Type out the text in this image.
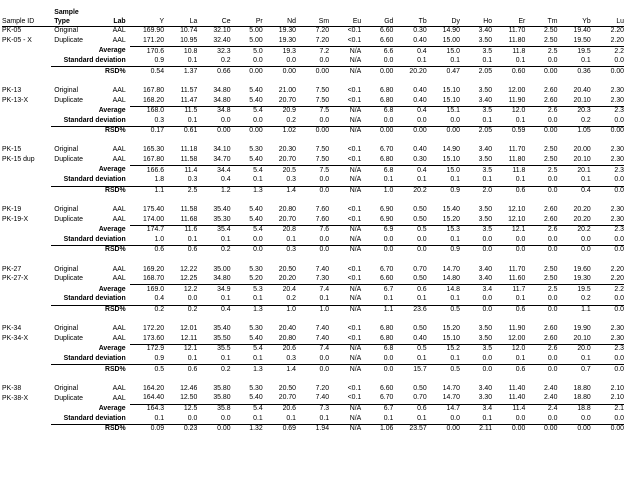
Sample ID	Sample
Type	Lab	Y	La	Ce	Pr	Nd	Sm	Eu	Gd	Tb	Dy	Ho	Er	Tm	Yb	Lu
PK-05	Original	AAL	169.90	10.74	32.10	5.00	19.30	7.20	<0.1	6.60	0.30	14.90	3.40	11.70	2.50	19.40	2.20
PK-05 - X	Duplicate	AAL	171.20	10.95	32.40	5.00	19.30	7.20	<0.1	6.60	0.40	15.00	3.50	11.80	2.50	19.50	2.20
	Average		170.6	10.8	32.3	5.0	19.3	7.2	N/A	6.6	0.4	15.0	3.5	11.8	2.5	19.5	2.2
	Standard deviation		0.9	0.1	0.2	0.0	0.0	0.0	N/A	0.0	0.1	0.1	0.1	0.1	0.0	0.1	0.0
	RSD%		0.54	1.37	0.66	0.00	0.00	0.00	N/A	0.00	20.20	0.47	2.05	0.60	0.00	0.36	0.00

PK-13	Original	AAL	167.80	11.57	34.80	5.40	21.00	7.50	<0.1	6.80	0.40	15.10	3.50	12.00	2.60	20.40	2.30
PK-13-X	Duplicate	AAL	168.20	11.47	34.80	5.40	20.70	7.50	<0.1	6.80	0.40	15.10	3.40	11.90	2.60	20.10	2.30
	Average		168.0	11.5	34.8	5.4	20.9	7.5	N/A	6.8	0.4	15.1	3.5	12.0	2.6	20.3	2.3
	Standard deviation		0.3	0.1	0.0	0.0	0.2	0.0	N/A	0.0	0.0	0.0	0.1	0.1	0.0	0.2	0.0
	RSD%		0.17	0.61	0.00	0.00	1.02	0.00	N/A	0.00	0.00	0.00	2.05	0.59	0.00	1.05	0.00

PK-15	Original	AAL	165.30	11.18	34.10	5.30	20.30	7.50	<0.1	6.70	0.40	14.90	3.40	11.70	2.50	20.00	2.30
PK-15 dup	Duplicate	AAL	167.80	11.58	34.70	5.40	20.70	7.50	<0.1	6.80	0.30	15.10	3.50	11.80	2.50	20.10	2.30
	Average		166.6	11.4	34.4	5.4	20.5	7.5	N/A	6.8	0.4	15.0	3.5	11.8	2.5	20.1	2.3
	Standard deviation		1.8	0.3	0.4	0.1	0.3	0.0	N/A	0.1	0.1	0.1	0.1	0.1	0.0	0.1	0.0
	RSD%		1.1	2.5	1.2	1.3	1.4	0.0	N/A	1.0	20.2	0.9	2.0	0.6	0.0	0.4	0.0

PK-19	Original	AAL	175.40	11.58	35.40	5.40	20.80	7.60	<0.1	6.90	0.50	15.40	3.50	12.10	2.60	20.20	2.30
PK-19-X	Duplicate	AAL	174.00	11.68	35.30	5.40	20.70	7.60	<0.1	6.90	0.50	15.20	3.50	12.10	2.60	20.20	2.30
	Average		174.7	11.6	35.4	5.4	20.8	7.6	N/A	6.9	0.5	15.3	3.5	12.1	2.6	20.2	2.3
	Standard deviation		1.0	0.1	0.1	0.0	0.1	0.0	N/A	0.0	0.0	0.1	0.0	0.0	0.0	0.0	0.0
	RSD%		0.6	0.6	0.2	0.0	0.3	0.0	N/A	0.0	0.0	0.9	0.0	0.0	0.0	0.0	0.0

PK-27	Original	AAL	169.20	12.22	35.00	5.30	20.50	7.40	<0.1	6.70	0.70	14.70	3.40	11.70	2.50	19.60	2.20
PK-27-X	Duplicate	AAL	168.70	12.25	34.80	5.20	20.20	7.30	<0.1	6.60	0.50	14.80	3.40	11.60	2.50	19.30	2.20
	Average		169.0	12.2	34.9	5.3	20.4	7.4	N/A	6.7	0.6	14.8	3.4	11.7	2.5	19.5	2.2
	Standard deviation		0.4	0.0	0.1	0.1	0.2	0.1	N/A	0.1	0.1	0.1	0.0	0.1	0.0	0.2	0.0
	RSD%		0.2	0.2	0.4	1.3	1.0	1.0	N/A	1.1	23.6	0.5	0.0	0.6	0.0	1.1	0.0

PK-34	Original	AAL	172.20	12.01	35.40	5.30	20.40	7.40	<0.1	6.80	0.50	15.20	3.50	11.90	2.60	19.90	2.30
PK-34-X	Duplicate	AAL	173.60	12.11	35.50	5.40	20.80	7.40	<0.1	6.80	0.40	15.10	3.50	12.00	2.60	20.10	2.30
	Average		172.9	12.1	35.5	5.4	20.6	7.4	N/A	6.8	0.5	15.2	3.5	12.0	2.6	20.0	2.3
	Standard deviation		0.9	0.1	0.1	0.1	0.3	0.0	N/A	0.0	0.1	0.1	0.0	0.1	0.0	0.1	0.0
	RSD%		0.5	0.6	0.2	1.3	1.4	0.0	N/A	0.0	15.7	0.5	0.0	0.6	0.0	0.7	0.0

PK-38	Original	AAL	164.20	12.46	35.80	5.30	20.50	7.20	<0.1	6.60	0.50	14.70	3.40	11.40	2.40	18.80	2.10
PK-38-X	Duplicate	AAL	164.40	12.50	35.80	5.40	20.70	7.40	<0.1	6.70	0.70	14.70	3.30	11.40	2.40	18.80	2.10
	Average		164.3	12.5	35.8	5.4	20.6	7.3	N/A	6.7	0.6	14.7	3.4	11.4	2.4	18.8	2.1
	Standard deviation		0.1	0.0	0.0	0.1	0.1	0.1	N/A	0.1	0.1	0.0	0.1	0.0	0.0	0.0	0.0
	RSD%		0.09	0.23	0.00	1.32	0.69	1.94	N/A	1.06	23.57	0.00	2.11	0.00	0.00	0.00	0.00
